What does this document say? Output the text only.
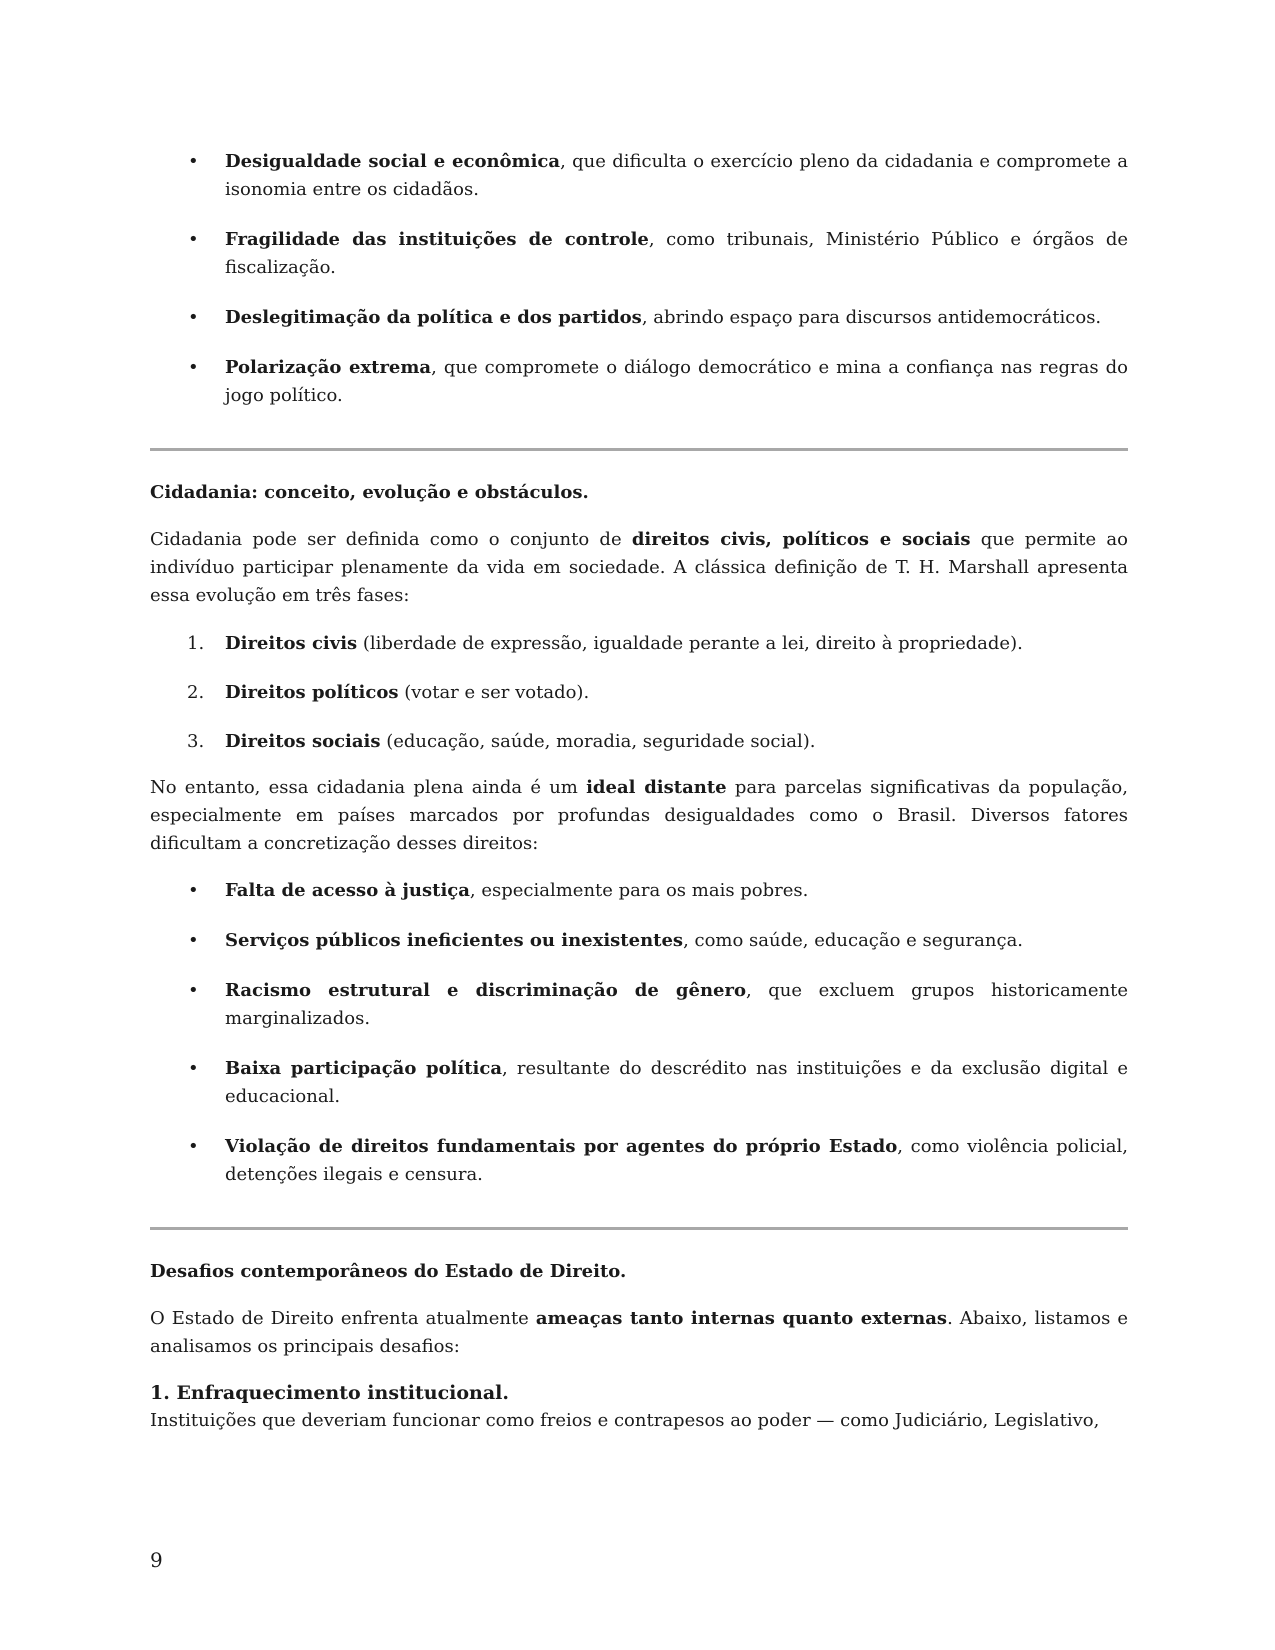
• Desigualdade social e econômica, que dificulta o exercício pleno da cidadania e compromete a isonomia entre os cidadãos.
• Fragilidade das instituições de controle, como tribunais, Ministério Público e órgãos de fiscalização.
• Deslegitimação da política e dos partidos, abrindo espaço para discursos antidemocráticos.
• Polarização extrema, que compromete o diálogo democrático e mina a confiança nas regras do jogo político.
Cidadania: conceito, evolução e obstáculos.

Cidadania pode ser definida como o conjunto de direitos civis, políticos e sociais que permite ao indivíduo participar plenamente da vida em sociedade. A clássica definição de T. H. Marshall apresenta essa evolução em três fases:

1. Direitos civis (liberdade de expressão, igualdade perante a lei, direito à propriedade).
2. Direitos políticos (votar e ser votado).
3. Direitos sociais (educação, saúde, moradia, seguridade social).

No entanto, essa cidadania plena ainda é um ideal distante para parcelas significativas da população, especialmente em países marcados por profundas desigualdades como o Brasil. Diversos fatores dificultam a concretização desses direitos:

• Falta de acesso à justiça, especialmente para os mais pobres.
• Serviços públicos ineficientes ou inexistentes, como saúde, educação e segurança.
• Racismo estrutural e discriminação de gênero, que excluem grupos historicamente marginalizados.
• Baixa participação política, resultante do descrédito nas instituições e da exclusão digital e educacional.
• Violação de direitos fundamentais por agentes do próprio Estado, como violência policial, detenções ilegais e censura.
Desafios contemporâneos do Estado de Direito.

O Estado de Direito enfrenta atualmente ameaças tanto internas quanto externas. Abaixo, listamos e analisamos os principais desafios:

1. Enfraquecimento institucional.

Instituições que deveriam funcionar como freios e contrapesos ao poder — como Judiciário, Legislativo,

9
